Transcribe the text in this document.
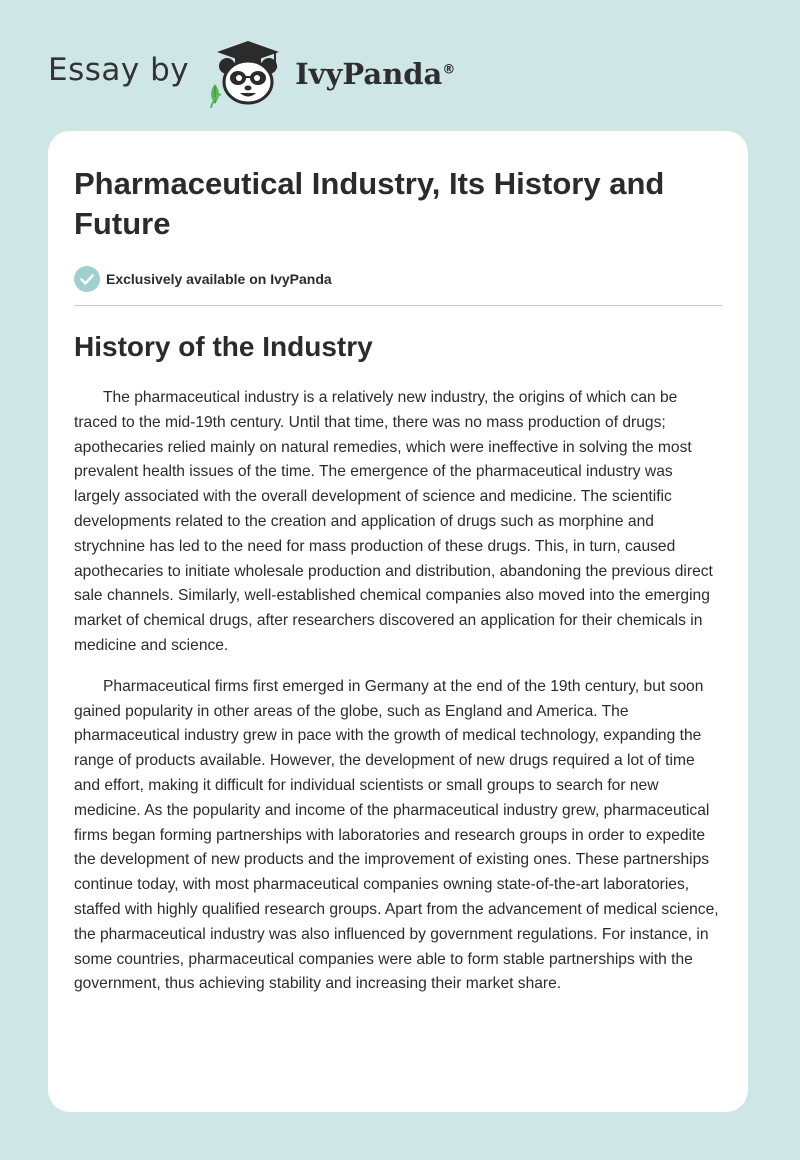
Essay by	IvyPanda®
Pharmaceutical Industry, Its History and Future
Exclusively available on IvyPanda
History of the Industry

The pharmaceutical industry is a relatively new industry, the origins of which can be traced to the mid-19th century. Until that time, there was no mass production of drugs; apothecaries relied mainly on natural remedies, which were ineffective in solving the most prevalent health issues of the time. The emergence of the pharmaceutical industry was largely associated with the overall development of science and medicine. The scientific developments related to the creation and application of drugs such as morphine and strychnine has led to the need for mass production of these drugs. This, in turn, caused apothecaries to initiate wholesale production and distribution, abandoning the previous direct sale channels. Similarly, well-established chemical companies also moved into the emerging market of chemical drugs, after researchers discovered an application for their chemicals in medicine and science.

Pharmaceutical firms first emerged in Germany at the end of the 19th century, but soon gained popularity in other areas of the globe, such as England and America. The pharmaceutical industry grew in pace with the growth of medical technology, expanding the range of products available. However, the development of new drugs required a lot of time and effort, making it difficult for individual scientists or small groups to search for new medicine. As the popularity and income of the pharmaceutical industry grew, pharmaceutical firms began forming partnerships with laboratories and research groups in order to expedite the development of new products and the improvement of existing ones. These partnerships continue today, with most pharmaceutical companies owning state-of-the-art laboratories, staffed with highly qualified research groups. Apart from the advancement of medical science, the pharmaceutical industry was also influenced by government regulations. For instance, in some countries, pharmaceutical companies were able to form stable partnerships with the government, thus achieving stability and increasing their market share.
